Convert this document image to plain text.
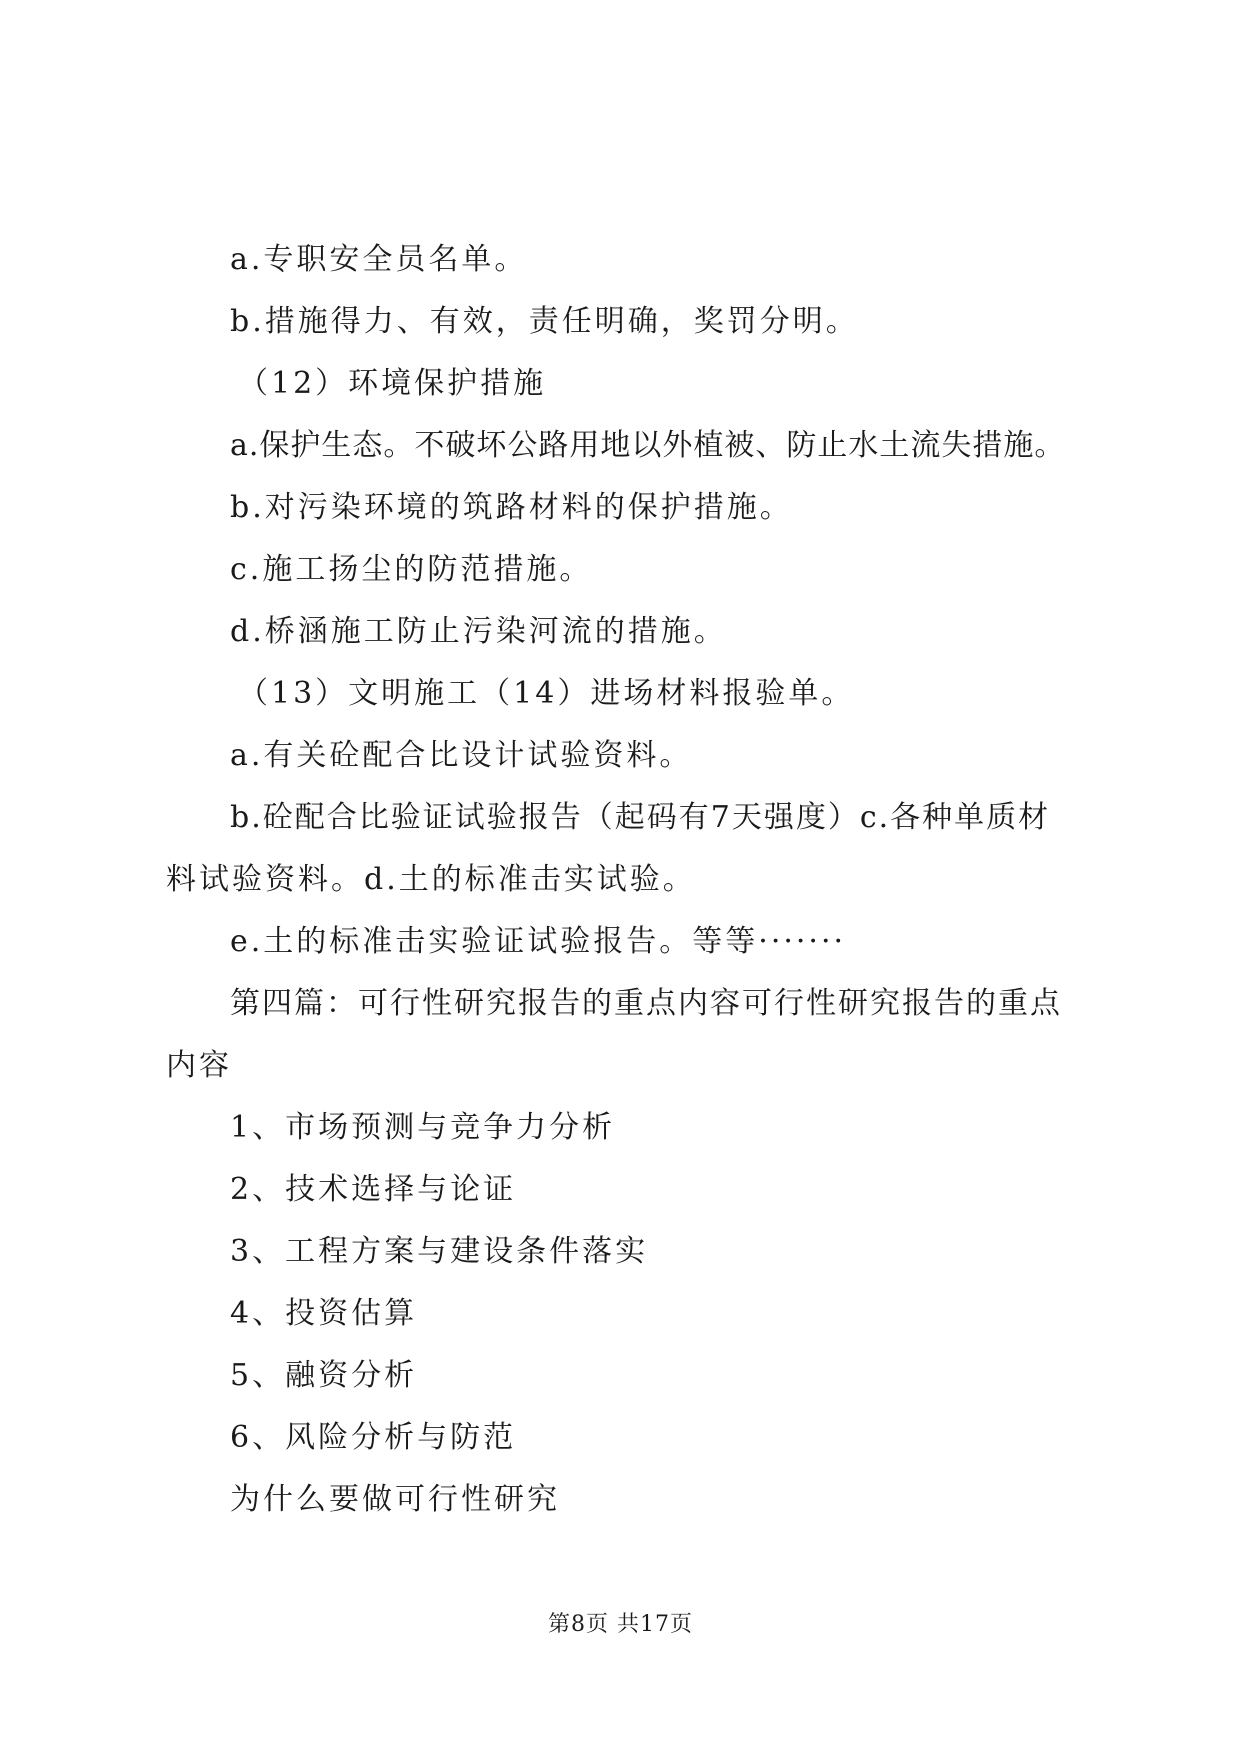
a.专职安全员名单。
b.措施得力、有效，责任明确，奖罚分明。
（12）环境保护措施
a.保护生态。不破坏公路用地以外植被、防止水土流失措施。
b.对污染环境的筑路材料的保护措施。
c.施工扬尘的防范措施。
d.桥涵施工防止污染河流的措施。
（13）文明施工（14）进场材料报验单。
a.有关砼配合比设计试验资料。
b.砼配合比验证试验报告（起码有7天强度）c.各种单质材
料试验资料。d.土的标准击实试验。
e.土的标准击实验证试验报告。等等·······
第四篇：可行性研究报告的重点内容可行性研究报告的重点
内容
1、市场预测与竞争力分析
2、技术选择与论证
3、工程方案与建设条件落实
4、投资估算
5、融资分析
6、风险分析与防范
为什么要做可行性研究
第8页 共17页
